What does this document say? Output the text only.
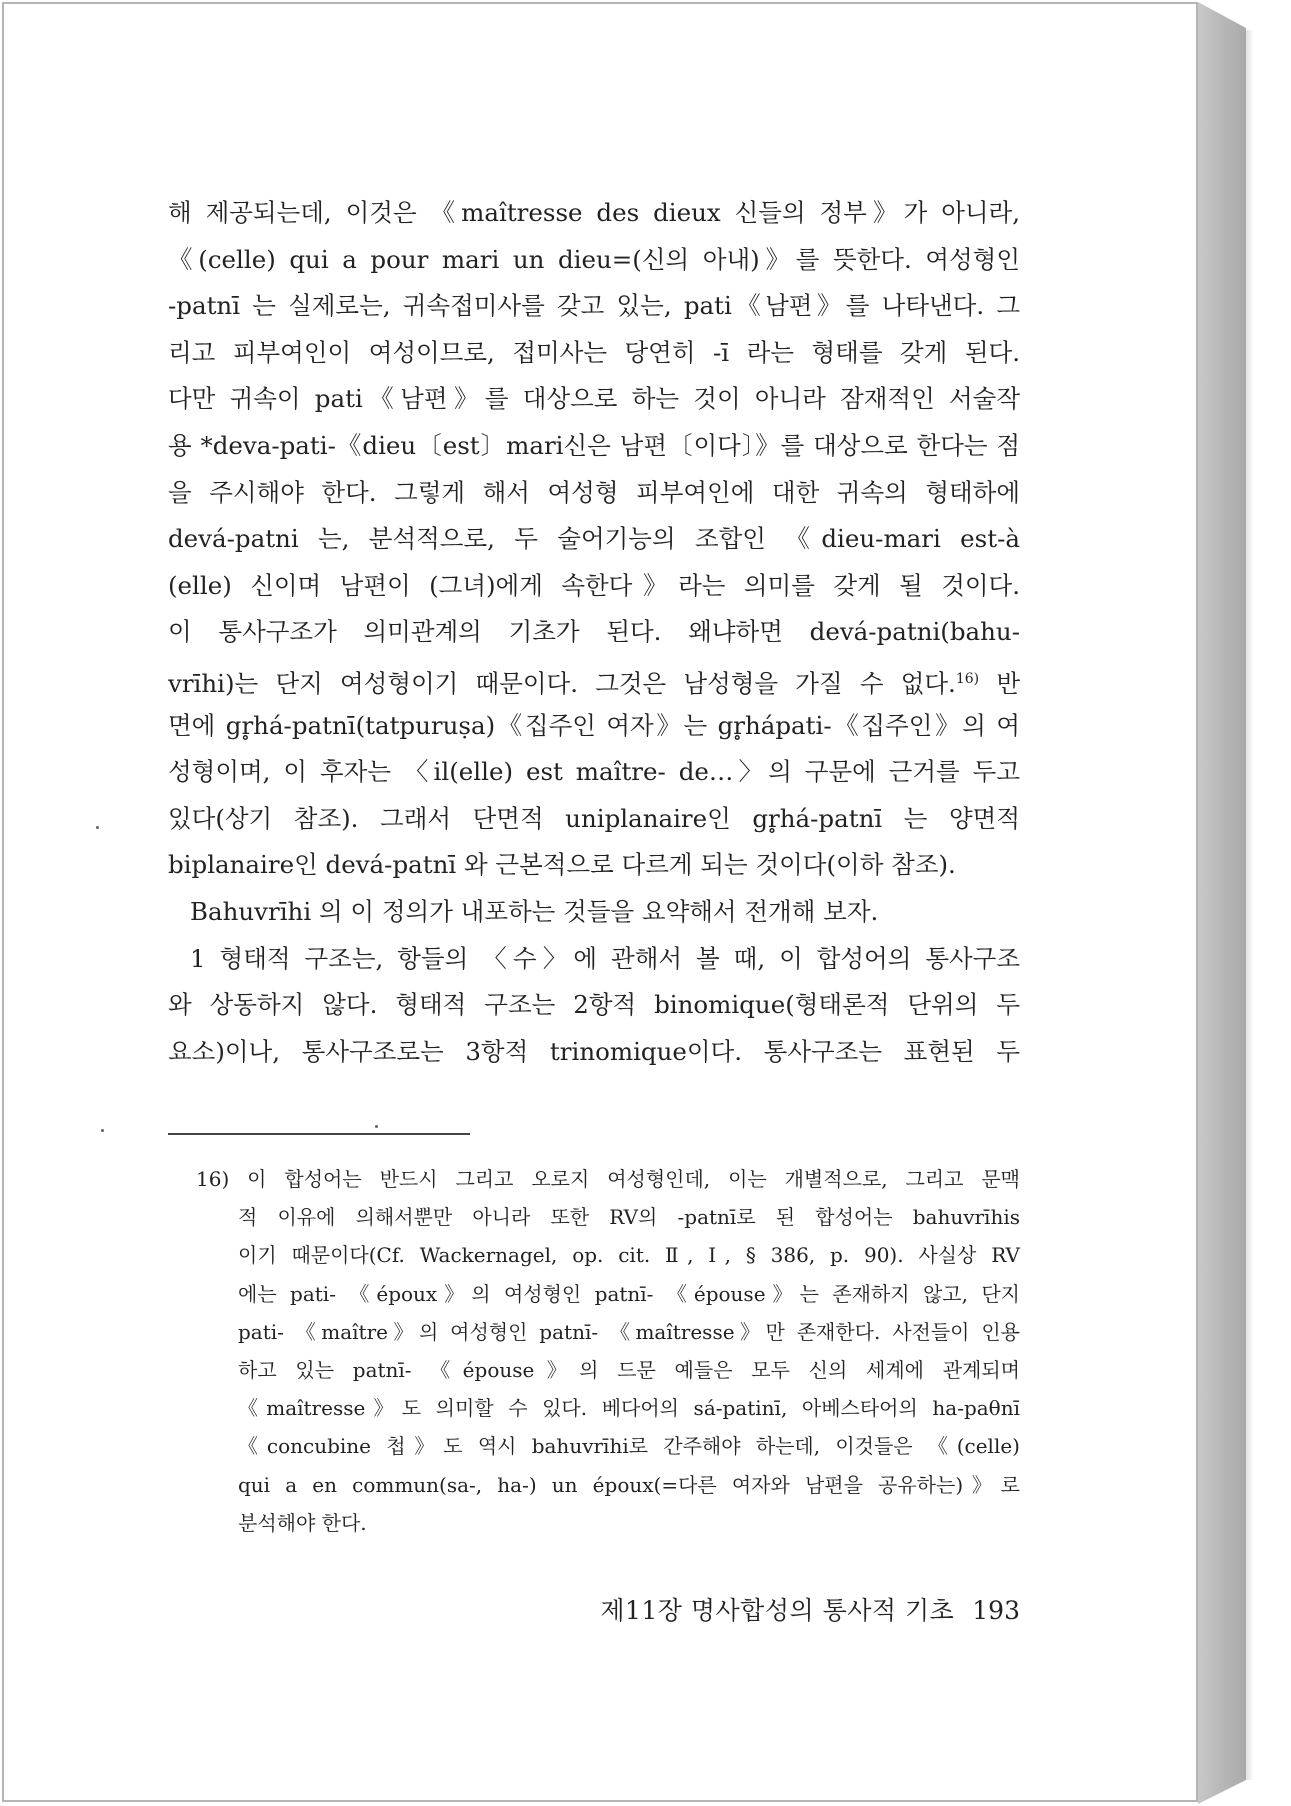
해 제공되는데, 이것은 《maîtresse des dieux 신들의 정부》가 아니라,
《(celle) qui a pour mari un dieu=(신의 아내)》를 뜻한다. 여성형인
-patnī 는 실제로는, 귀속접미사를 갖고 있는, pati《남편》를 나타낸다. 그
리고 피부여인이 여성이므로, 접미사는 당연히 -ī 라는 형태를 갖게 된다.
다만 귀속이 pati《남편》를 대상으로 하는 것이 아니라 잠재적인 서술작
용 *deva-pati-《dieu〔est〕mari신은 남편〔이다〕》를 대상으로 한다는 점
을 주시해야 한다. 그렇게 해서 여성형 피부여인에 대한 귀속의 형태하에
devá-patni 는, 분석적으로, 두 술어기능의 조합인 《dieu-mari est-à
(elle) 신이며 남편이 (그녀)에게 속한다》라는 의미를 갖게 될 것이다.
이 통사구조가 의미관계의 기초가 된다. 왜냐하면 devá-patni(bahu-
vrīhi)는 단지 여성형이기 때문이다. 그것은 남성형을 가질 수 없다.$^{16)}$ 반
면에 gr̥há-patnī(tatpuruṣa)《집주인 여자》는 gr̥hápati-《집주인》의 여
성형이며, 이 후자는 〈il(elle) est maître- de…〉의 구문에 근거를 두고
있다(상기 참조). 그래서 단면적 uniplanaire인 gr̥há-patnī 는 양면적
biplanaire인 devá-patnī 와 근본적으로 다르게 되는 것이다(이하 참조).
Bahuvrīhi 의 이 정의가 내포하는 것들을 요약해서 전개해 보자.
1 형태적 구조는, 항들의 〈수〉에 관해서 볼 때, 이 합성어의 통사구조
와 상동하지 않다. 형태적 구조는 2항적 binomique(형태론적 단위의 두
요소)이나, 통사구조로는 3항적 trinomique이다. 통사구조는 표현된 두
16) 이 합성어는 반드시 그리고 오로지 여성형인데, 이는 개별적으로, 그리고 문맥
적 이유에 의해서뿐만 아니라 또한 RV의 -patnī로 된 합성어는 bahuvrīhis
이기 때문이다(Cf. Wackernagel, op. cit. Ⅱ, Ⅰ, § 386, p. 90). 사실상 RV
에는 pati- 《époux》의 여성형인 patnī- 《épouse》는 존재하지 않고, 단지
pati- 《maître》의 여성형인 patnī- 《maîtresse》만 존재한다. 사전들이 인용
하고 있는 patnī- 《épouse》의 드문 예들은 모두 신의 세계에 관계되며
《maîtresse》도 의미할 수 있다. 베다어의 sá-patinī, 아베스타어의 ha-paθnī
《concubine 첩》도 역시 bahuvrīhi로 간주해야 하는데, 이것들은 《(celle)
qui a en commun(sa-, ha-) un époux(=다른 여자와 남편을 공유하는)》로
분석해야 한다.
제11장 명사합성의 통사적 기초 193
